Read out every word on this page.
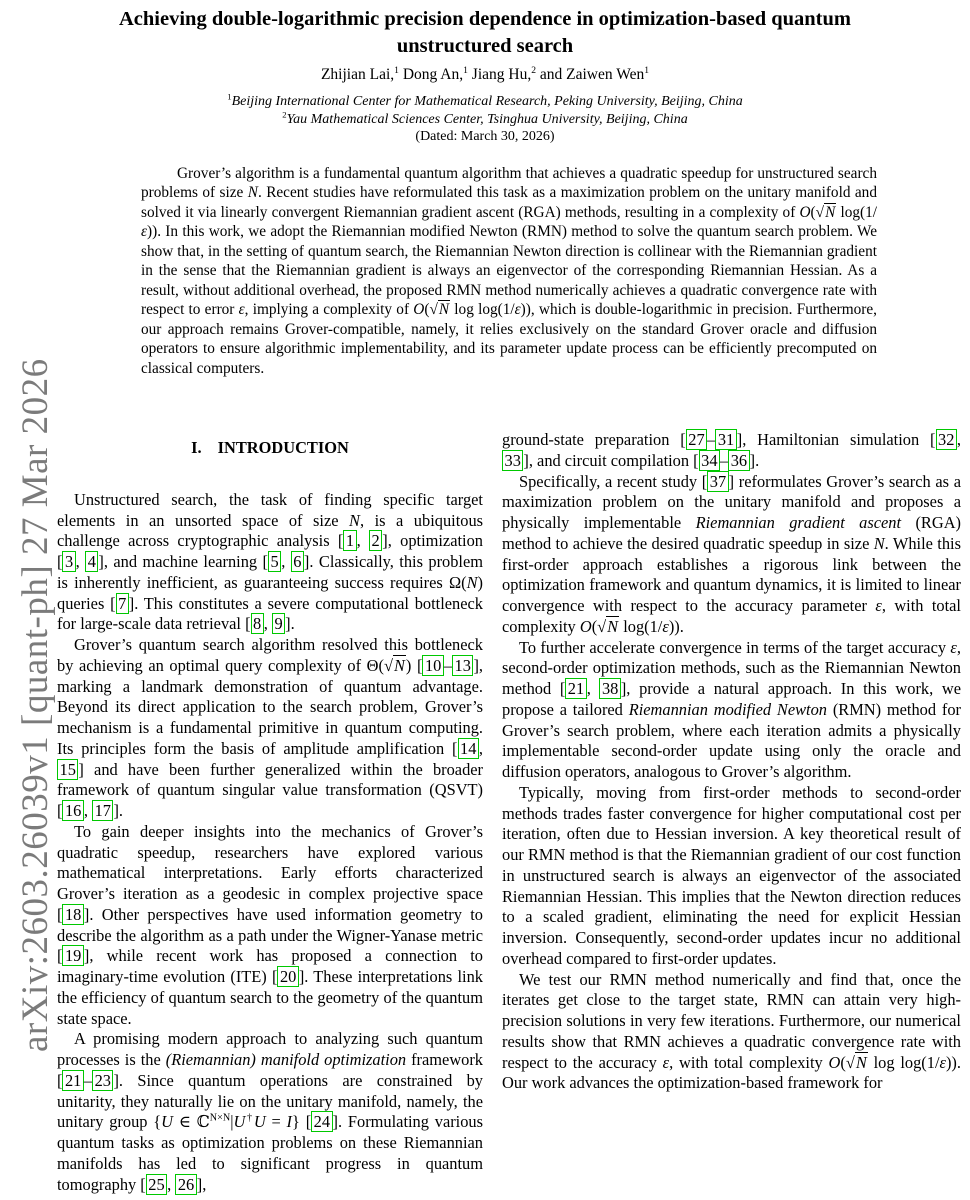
arXiv:2603.26039v1 [quant-ph] 27 Mar 2026
Achieving double-logarithmic precision dependence in optimization-based quantum
unstructured search
Zhijian Lai,$^1$ Dong An,$^1$ Jiang Hu,$^2$ and Zaiwen Wen$^1$
$^1$Beijing International Center for Mathematical Research, Peking University, Beijing, China
$^2$Yau Mathematical Sciences Center, Tsinghua University, Beijing, China
(Dated: March 30, 2026)
Grover’s algorithm is a fundamental quantum algorithm that achieves a quadratic speedup for unstructured search problems of size N. Recent studies have reformulated this task as a maximization problem on the unitary manifold and solved it via linearly convergent Riemannian gradient ascent (RGA) methods, resulting in a complexity of O(√N log(1/ε)). In this work, we adopt the Riemannian modified Newton (RMN) method to solve the quantum search problem. We show that, in the setting of quantum search, the Riemannian Newton direction is collinear with the Riemannian gradient in the sense that the Riemannian gradient is always an eigenvector of the corresponding Riemannian Hessian. As a result, without additional overhead, the proposed RMN method numerically achieves a quadratic convergence rate with respect to error ε, implying a complexity of O(√N log log(1/ε)), which is double-logarithmic in precision. Furthermore, our approach remains Grover-compatible, namely, it relies exclusively on the standard Grover oracle and diffusion operators to ensure algorithmic implementability, and its parameter update process can be efficiently precomputed on classical computers.

I. INTRODUCTION

Unstructured search, the task of finding specific target elements in an unsorted space of size N, is a ubiquitous challenge across cryptographic analysis [ 1 , 2 ], optimization [ 3 , 4 ], and machine learning [ 5 , 6 ]. Classically, this problem is inherently inefficient, as guaranteeing success requires Ω(N) queries [ 7 ]. This constitutes a severe computational bottleneck for large-scale data retrieval [ 8 , 9 ].

Grover’s quantum search algorithm resolved this bottleneck by achieving an optimal query complexity of Θ(√N) [ 10 – 13 ], marking a landmark demonstration of quantum advantage. Beyond its direct application to the search problem, Grover’s mechanism is a fundamental primitive in quantum computing. Its principles form the basis of amplitude amplification [ 14 , 15 ] and have been further generalized within the broader framework of quantum singular value transformation (QSVT) [ 16 , 17 ].

To gain deeper insights into the mechanics of Grover’s quadratic speedup, researchers have explored various mathematical interpretations. Early efforts characterized Grover’s iteration as a geodesic in complex projective space [ 18 ]. Other perspectives have used information geometry to describe the algorithm as a path under the Wigner-Yanase metric [ 19 ], while recent work has proposed a connection to imaginary-time evolution (ITE) [ 20 ]. These interpretations link the efficiency of quantum search to the geometry of the quantum state space.

A promising modern approach to analyzing such quantum processes is the (Riemannian) manifold optimization framework [ 21 – 23 ]. Since quantum operations are constrained by unitarity, they naturally lie on the unitary manifold, namely, the unitary group {U ∈ ℂ$^{N\times N}$|U†U = I} [ 24 ]. Formulating various quantum tasks as optimization problems on these Riemannian manifolds has led to significant progress in quantum tomography [ 25 , 26 ],

ground-state preparation [ 27 – 31 ], Hamiltonian simulation [ 32 , 33 ], and circuit compilation [ 34 – 36 ].

Specifically, a recent study [ 37 ] reformulates Grover’s search as a maximization problem on the unitary manifold and proposes a physically implementable Riemannian gradient ascent (RGA) method to achieve the desired quadratic speedup in size N. While this first-order approach establishes a rigorous link between the optimization framework and quantum dynamics, it is limited to linear convergence with respect to the accuracy parameter ε, with total complexity O(√N log(1/ε)).

To further accelerate convergence in terms of the target accuracy ε, second-order optimization methods, such as the Riemannian Newton method [ 21 , 38 ], provide a natural approach. In this work, we propose a tailored Riemannian modified Newton (RMN) method for Grover’s search problem, where each iteration admits a physically implementable second-order update using only the oracle and diffusion operators, analogous to Grover’s algorithm.

Typically, moving from first-order methods to second-order methods trades faster convergence for higher computational cost per iteration, often due to Hessian inversion. A key theoretical result of our RMN method is that the Riemannian gradient of our cost function in unstructured search is always an eigenvector of the associated Riemannian Hessian. This implies that the Newton direction reduces to a scaled gradient, eliminating the need for explicit Hessian inversion. Consequently, second-order updates incur no additional overhead compared to first-order updates.

We test our RMN method numerically and find that, once the iterates get close to the target state, RMN can attain very high-precision solutions in very few iterations. Furthermore, our numerical results show that RMN achieves a quadratic convergence rate with respect to the accuracy ε, with total complexity O(√N log log(1/ε)). Our work advances the optimization-based framework for
